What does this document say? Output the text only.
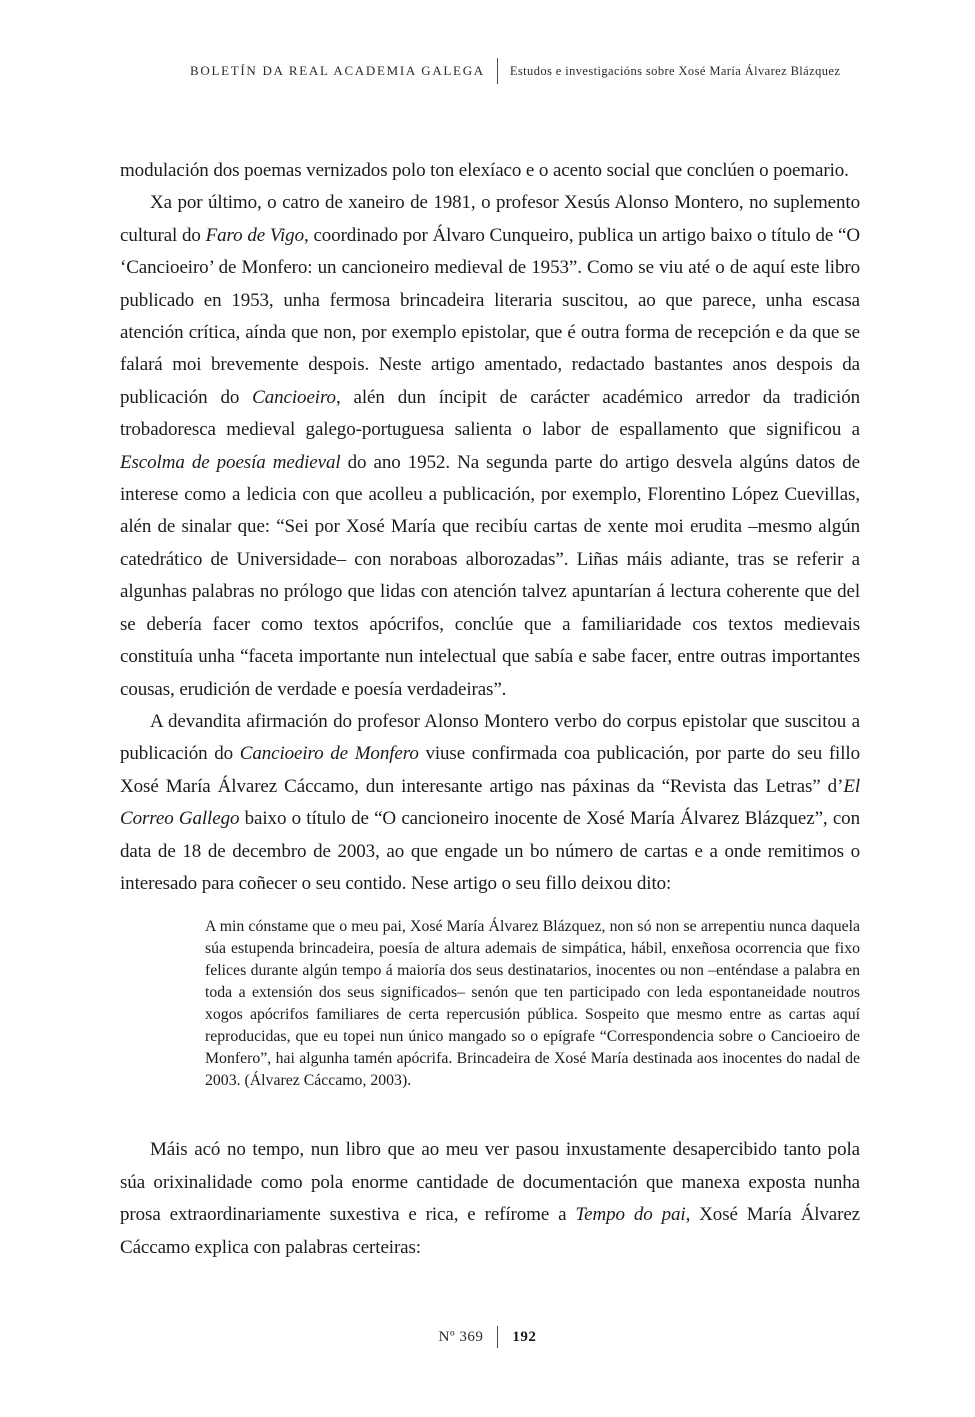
BOLETÍN DA REAL ACADEMIA GALEGA Estudos e investigacións sobre Xosé María Álvarez Blázquez

modulación dos poemas vernizados polo ton elexíaco e o acento social que conclúen o poemario.

Xa por último, o catro de xaneiro de 1981, o profesor Xesús Alonso Montero, no suplemento cultural do Faro de Vigo, coordinado por Álvaro Cunqueiro, publica un artigo baixo o título de “O ‘Cancioeiro’ de Monfero: un cancioneiro medieval de 1953”. Como se viu até o de aquí este libro publicado en 1953, unha fermosa brincadeira literaria suscitou, ao que parece, unha escasa atención crítica, aínda que non, por exemplo epistolar, que é outra forma de recepción e da que se falará moi brevemente despois. Neste artigo amentado, redactado bastantes anos despois da publicación do Cancioeiro, alén dun íncipit de carácter académico arredor da tradición trobadoresca medieval galego-portuguesa salienta o labor de espallamento que significou a Escolma de poesía medieval do ano 1952. Na segunda parte do artigo desvela algúns datos de interese como a ledicia con que acolleu a publicación, por exemplo, Florentino López Cuevillas, alén de sinalar que: “Sei por Xosé María que recibíu cartas de xente moi erudita –mesmo algún catedrático de Universidade– con noraboas alborozadas”. Liñas máis adiante, tras se referir a algunhas palabras no prólogo que lidas con atención talvez apuntarían á lectura coherente que del se debería facer como textos apócrifos, conclúe que a familiaridade cos textos medievais constituía unha “faceta importante nun intelectual que sabía e sabe facer, entre outras importantes cousas, erudición de verdade e poesía verdadeiras”.

A devandita afirmación do profesor Alonso Montero verbo do corpus epistolar que suscitou a publicación do Cancioeiro de Monfero viuse confirmada coa publicación, por parte do seu fillo Xosé María Álvarez Cáccamo, dun interesante artigo nas páxinas da “Revista das Letras” d’El Correo Gallego baixo o título de “O cancioneiro inocente de Xosé María Álvarez Blázquez”, con data de 18 de decembro de 2003, ao que engade un bo número de cartas e a onde remitimos o interesado para coñecer o seu contido. Nese artigo o seu fillo deixou dito:

A min cónstame que o meu pai, Xosé María Álvarez Blázquez, non só non se arrepentiu nunca daquela súa estupenda brincadeira, poesía de altura ademais de simpática, hábil, enxeñosa ocorrencia que fixo felices durante algún tempo á maioría dos seus destinatarios, inocentes ou non –enténdase a palabra en toda a extensión dos seus significados– senón que ten participado con leda espontaneidade noutros xogos apócrifos familiares de certa repercusión pública. Sospeito que mesmo entre as cartas aquí reproducidas, que eu topei nun único mangado so o epígrafe “Correspondencia sobre o Cancioeiro de Monfero”, hai algunha tamén apócrifa. Brincadeira de Xosé María destinada aos inocentes do nadal de 2003. (Álvarez Cáccamo, 2003).

Máis acó no tempo, nun libro que ao meu ver pasou inxustamente desapercibido tanto pola súa orixinalidade como pola enorme cantidade de documentación que manexa exposta nunha prosa extraordinariamente suxestiva e rica, e refírome a Tempo do pai, Xosé María Álvarez Cáccamo explica con palabras certeiras:

Nº 369 192
